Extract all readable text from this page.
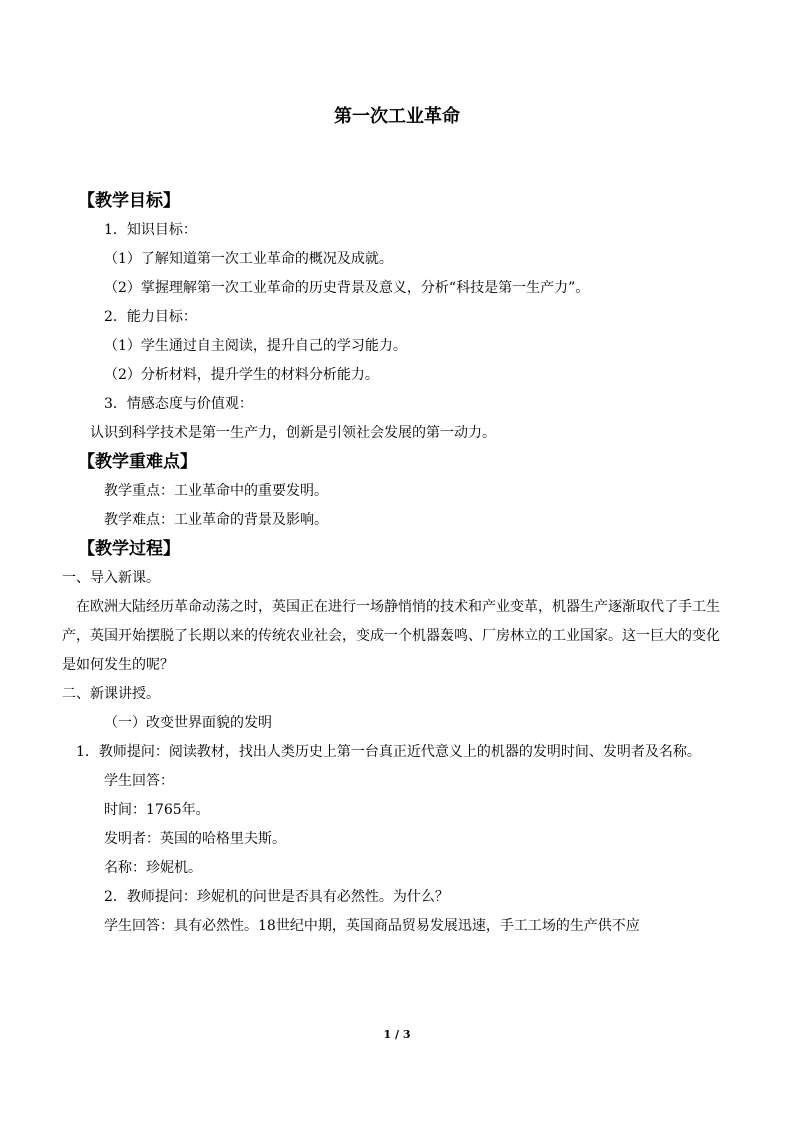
第一次工业革命
【教学目标】
1．知识目标：
（1）了解知道第一次工业革命的概况及成就。
（2）掌握理解第一次工业革命的历史背景及意义，分析“科技是第一生产力”。
2．能力目标：
（1）学生通过自主阅读，提升自己的学习能力。
（2）分析材料，提升学生的材料分析能力。
3．情感态度与价值观：
认识到科学技术是第一生产力，创新是引领社会发展的第一动力。
【教学重难点】
教学重点：工业革命中的重要发明。
教学难点：工业革命的背景及影响。
【教学过程】
一、导入新课。
在欧洲大陆经历革命动荡之时，英国正在进行一场静悄悄的技术和产业变革，机器生产逐渐取代了手工生产，英国开始摆脱了长期以来的传统农业社会，变成一个机器轰鸣、厂房林立的工业国家。这一巨大的变化是如何发生的呢？
二、新课讲授。
（一）改变世界面貌的发明
1．教师提问：阅读教材，找出人类历史上第一台真正近代意义上的机器的发明时间、发明者及名称。
学生回答：
时间：1765年。
发明者：英国的哈格里夫斯。
名称：珍妮机。
2．教师提问：珍妮机的问世是否具有必然性。为什么？
学生回答：具有必然性。18世纪中期，英国商品贸易发展迅速，手工工场的生产供不应
1 / 3
